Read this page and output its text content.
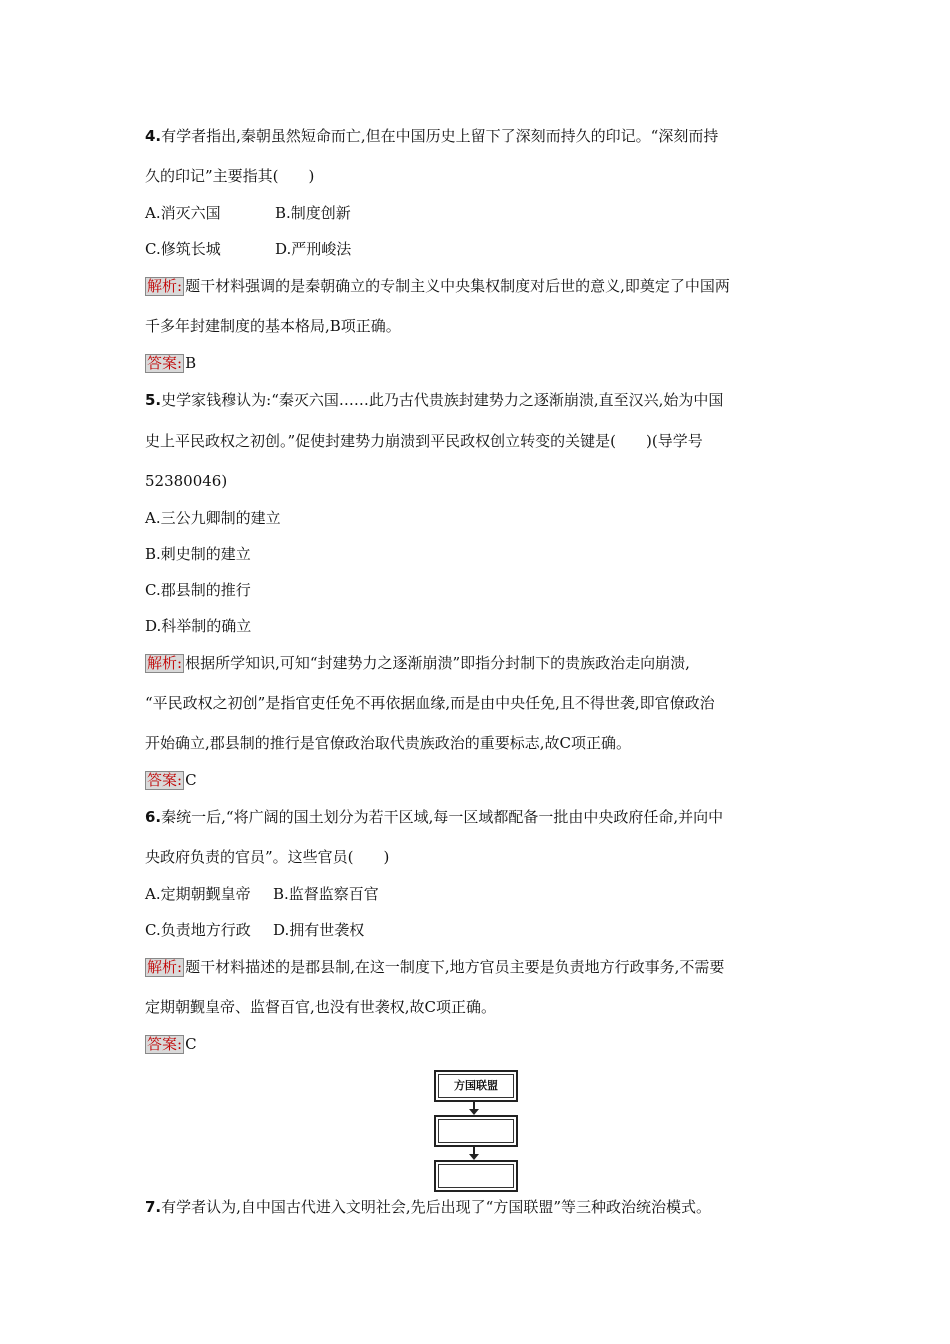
4.有学者指出,秦朝虽然短命而亡,但在中国历史上留下了深刻而持久的印记。“深刻而持
久的印记”主要指其(　　)
A.消灭六国	B.制度创新
C.修筑长城	D.严刑峻法
解析: 题干材料强调的是秦朝确立的专制主义中央集权制度对后世的意义,即奠定了中国两
千多年封建制度的基本格局,B项正确。
答案: B
5.史学家钱穆认为:“秦灭六国……此乃古代贵族封建势力之逐渐崩溃,直至汉兴,始为中国
史上平民政权之初创。”促使封建势力崩溃到平民政权创立转变的关键是(　　)(导学号
52380046)
A.三公九卿制的建立
B.刺史制的建立
C.郡县制的推行
D.科举制的确立
解析: 根据所学知识,可知“封建势力之逐渐崩溃”即指分封制下的贵族政治走向崩溃,
“平民政权之初创”是指官吏任免不再依据血缘,而是由中央任免,且不得世袭,即官僚政治
开始确立,郡县制的推行是官僚政治取代贵族政治的重要标志,故C项正确。
答案: C
6.秦统一后,“将广阔的国土划分为若干区域,每一区域都配备一批由中央政府任命,并向中
央政府负责的官员”。这些官员(　　)
A.定期朝觐皇帝 B.监督监察百官
C.负责地方行政 D.拥有世袭权
解析: 题干材料描述的是郡县制,在这一制度下,地方官员主要是负责地方行政事务,不需要
定期朝觐皇帝、监督百官,也没有世袭权,故C项正确。
答案: C
方国联盟
7.有学者认为,自中国古代进入文明社会,先后出现了“方国联盟”等三种政治统治模式。
